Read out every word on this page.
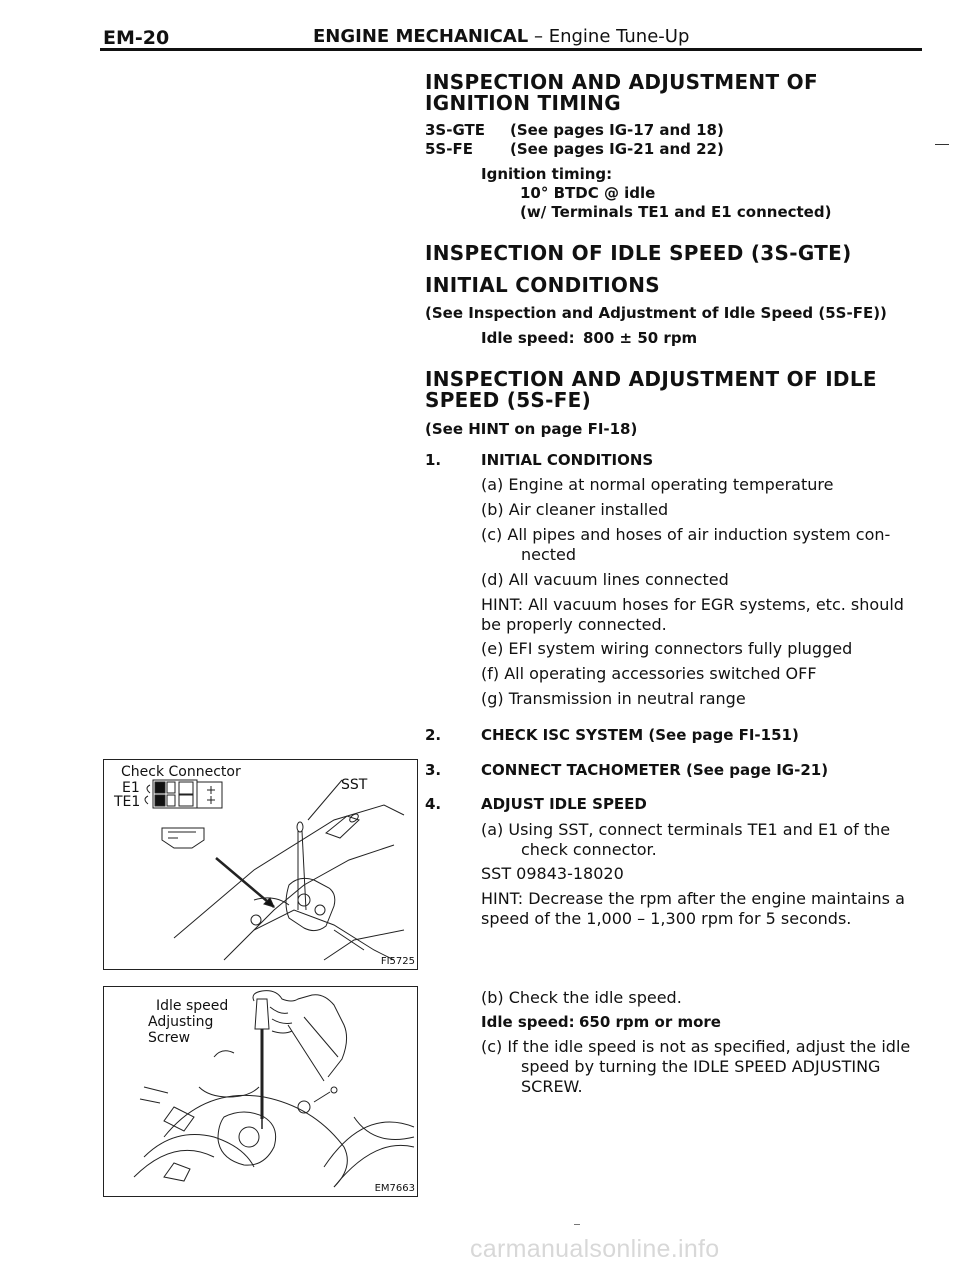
EM-20	ENGINE MECHANICAL – Engine Tune-Up
INSPECTION AND ADJUSTMENT OF
IGNITION TIMING
3S-GTE (See pages IG-17 and 18)
5S-FE (See pages IG-21 and 22)
Ignition timing:
10° BTDC @ idle
(w/ Terminals TE1 and E1 connected)
INSPECTION OF IDLE SPEED (3S-GTE)
INITIAL CONDITIONS
(See Inspection and Adjustment of Idle Speed (5S-FE))
Idle speed: 800 ± 50 rpm
INSPECTION AND ADJUSTMENT OF IDLE
SPEED (5S-FE)
(See HINT on page FI-18)
1.	INITIAL CONDITIONS
(a) Engine at normal operating temperature
(b) Air cleaner installed
(c) All pipes and hoses of air induction system con-
nected
(d) All vacuum lines connected
HINT: All vacuum hoses for EGR systems, etc. should
be properly connected.
(e) EFI system wiring connectors fully plugged
(f) All operating accessories switched OFF
(g) Transmission in neutral range
2.	CHECK ISC SYSTEM (See page FI-151)
3.	CONNECT TACHOMETER (See page IG-21)
4.	ADJUST IDLE SPEED
(a) Using SST, connect terminals TE1 and E1 of the
check connector.
SST 09843-18020
HINT: Decrease the rpm after the engine maintains a
speed of the 1,000 – 1,300 rpm for 5 seconds.
(b) Check the idle speed.
Idle speed: 650 rpm or more
(c) If the idle speed is not as specified, adjust the idle
speed by turning the IDLE SPEED ADJUSTING
SCREW.
Check Connector
E1
TE1
SST
FI5725
Idle speed
Adjusting
Screw
EM7663
carmanualsonline.info
